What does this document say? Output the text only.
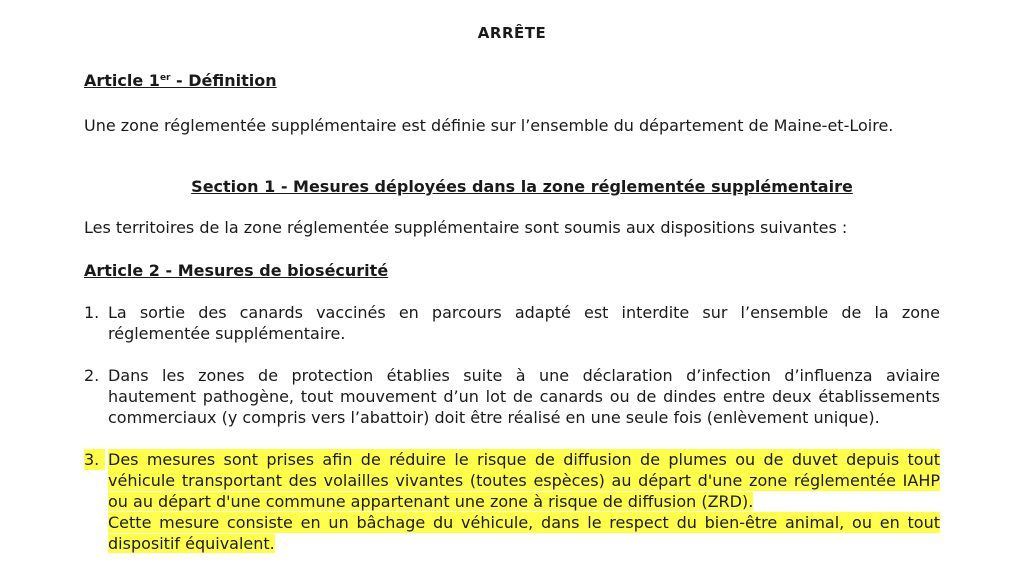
ARRÊTE
Article 1er - Définition
Une zone réglementée supplémentaire est définie sur l’ensemble du département de Maine-et-Loire.
Section 1 - Mesures déployées dans la zone réglementée supplémentaire
Les territoires de la zone réglementée supplémentaire sont soumis aux dispositions suivantes :
Article 2 - Mesures de biosécurité
1. La sortie des canards vaccinés en parcours adapté est interdite sur l’ensemble de la zone
réglementée supplémentaire.
2. Dans les zones de protection établies suite à une déclaration d’infection d’influenza aviaire
hautement pathogène, tout mouvement d’un lot de canards ou de dindes entre deux établissements
commerciaux (y compris vers l’abattoir) doit être réalisé en une seule fois (enlèvement unique).
3. Des mesures sont prises afin de réduire le risque de diffusion de plumes ou de duvet depuis tout
véhicule transportant des volailles vivantes (toutes espèces) au départ d'une zone réglementée IAHP
ou au départ d'une commune appartenant une zone à risque de diffusion (ZRD).
Cette mesure consiste en un bâchage du véhicule, dans le respect du bien-être animal, ou en tout
dispositif équivalent.
